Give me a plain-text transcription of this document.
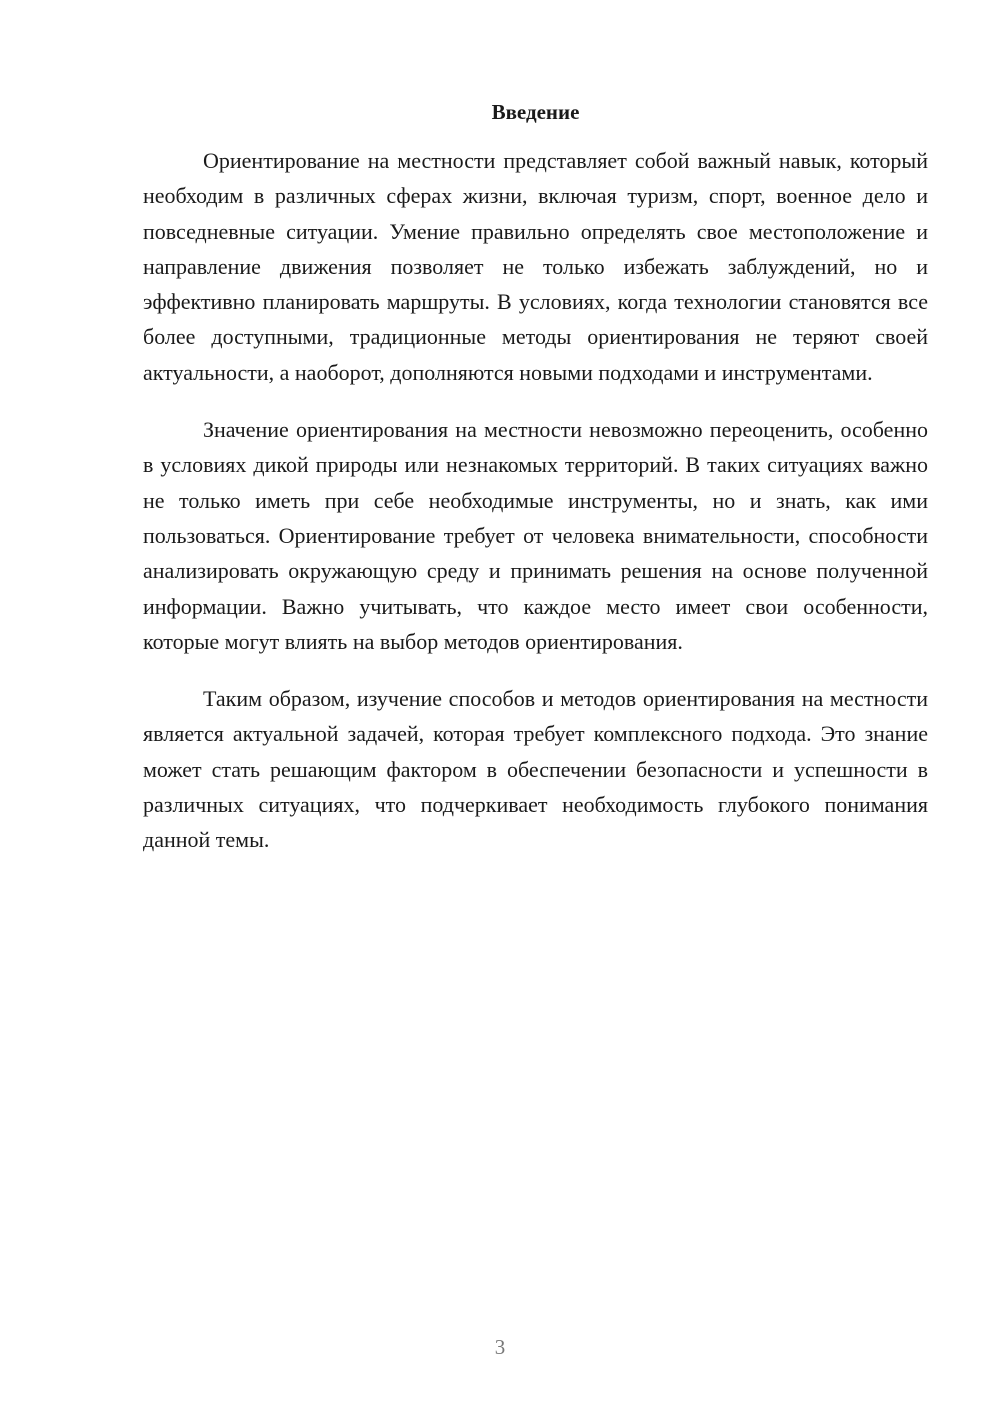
Введение

Ориентирование на местности представляет собой важный навык, который необходим в различных сферах жизни, включая туризм, спорт, военное дело и повседневные ситуации. Умение правильно определять свое местоположение и направление движения позволяет не только избежать заблуждений, но и эффективно планировать маршруты. В условиях, когда технологии становятся все более доступными, традиционные методы ориентирования не теряют своей актуальности, а наоборот, дополняются новыми подходами и инструментами.

Значение ориентирования на местности невозможно переоценить, особенно в условиях дикой природы или незнакомых территорий. В таких ситуациях важно не только иметь при себе необходимые инструменты, но и знать, как ими пользоваться. Ориентирование требует от человека внимательности, способности анализировать окружающую среду и принимать решения на основе полученной информации. Важно учитывать, что каждое место имеет свои особенности, которые могут влиять на выбор методов ориентирования.

Таким образом, изучение способов и методов ориентирования на местности является актуальной задачей, которая требует комплексного подхода. Это знание может стать решающим фактором в обеспечении безопасности и успешности в различных ситуациях, что подчеркивает необходимость глубокого понимания данной темы.

3
